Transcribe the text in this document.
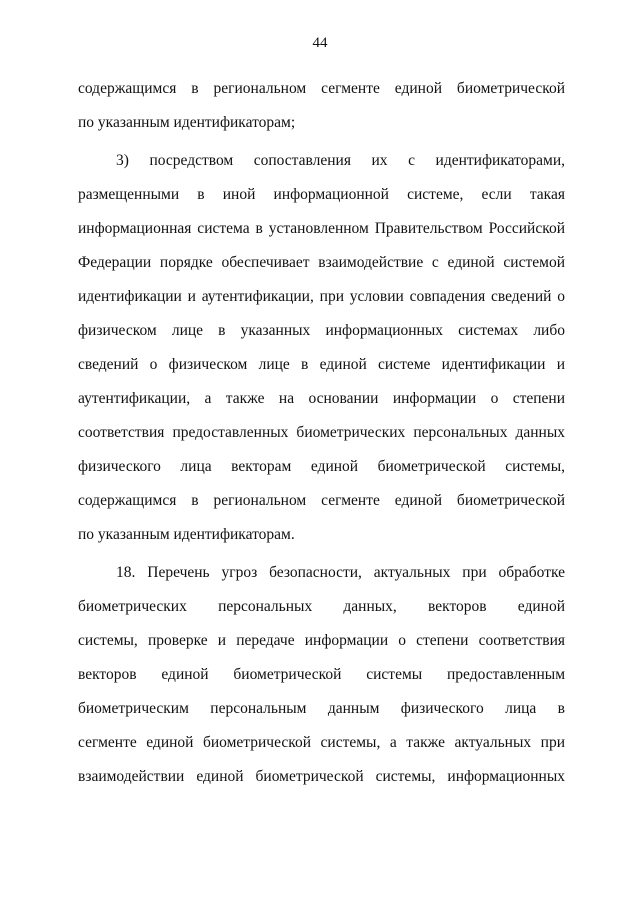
44
содержащимся в региональном сегменте единой биометрической
по указанным идентификаторам;
3) посредством сопоставления их с идентификаторами,
размещенными в иной информационной системе, если такая
информационная система в установленном Правительством Российской
Федерации порядке обеспечивает взаимодействие с единой системой
идентификации и аутентификации, при условии совпадения сведений о
физическом лице в указанных информационных системах либо
сведений о физическом лице в единой системе идентификации и
аутентификации, а также на основании информации о степени
соответствия предоставленных биометрических персональных данных
физического лица векторам единой биометрической системы,
содержащимся в региональном сегменте единой биометрической
по указанным идентификаторам.
18. Перечень угроз безопасности, актуальных при обработке
биометрических персональных данных, векторов единой
системы, проверке и передаче информации о степени соответствия
векторов единой биометрической системы предоставленным
биометрическим персональным данным физического лица в
сегменте единой биометрической системы, а также актуальных при
взаимодействии единой биометрической системы, информационных
